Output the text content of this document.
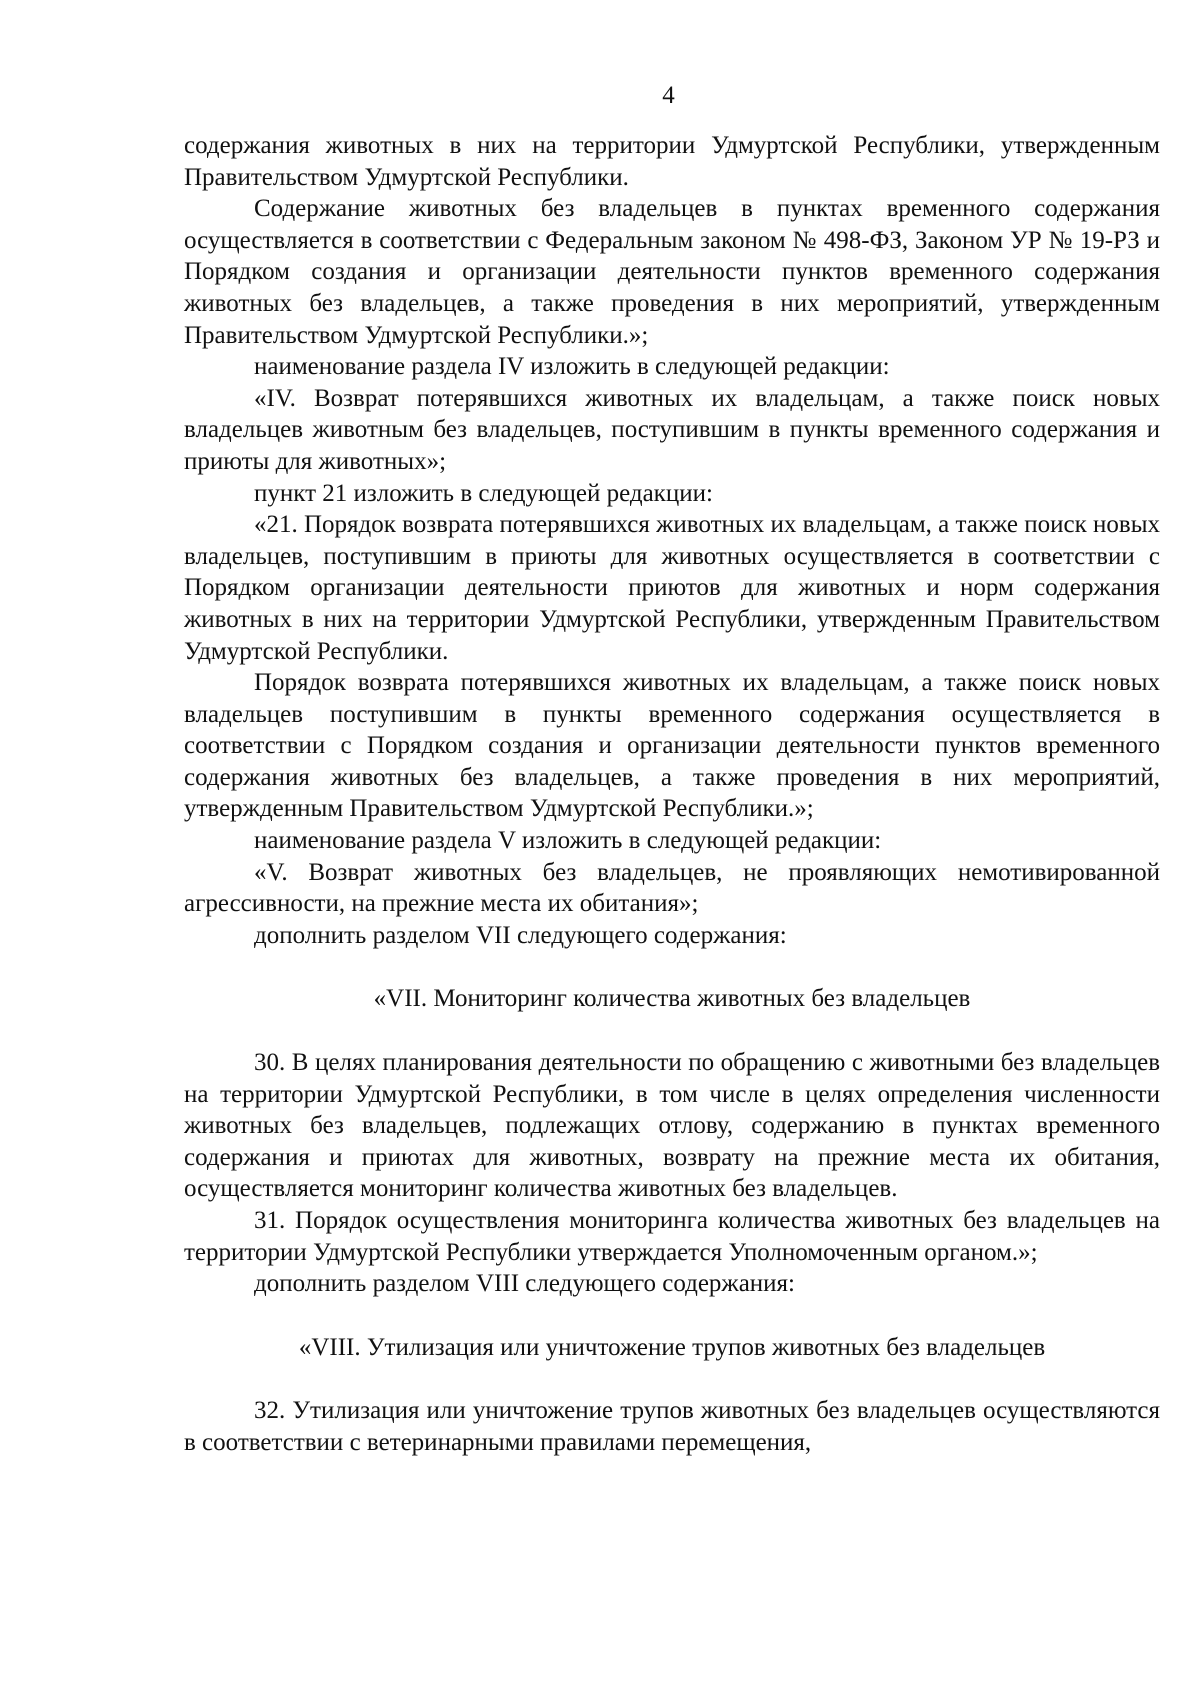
4

содержания животных в них на территории Удмуртской Республики, утвержденным Правительством Удмуртской Республики.

Содержание животных без владельцев в пунктах временного содержания осуществляется в соответствии с Федеральным законом № 498-ФЗ, Законом УР № 19-РЗ и Порядком создания и организации деятельности пунктов временного содержания животных без владельцев, а также проведения в них мероприятий, утвержденным Правительством Удмуртской Республики.»;

наименование раздела IV изложить в следующей редакции:

«IV. Возврат потерявшихся животных их владельцам, а также поиск новых владельцев животным без владельцев, поступившим в пункты временного содержания и приюты для животных»;

пункт 21 изложить в следующей редакции:

«21. Порядок возврата потерявшихся животных их владельцам, а также поиск новых владельцев, поступившим в приюты для животных осуществляется в соответствии с Порядком организации деятельности приютов для животных и норм содержания животных в них на территории Удмуртской Республики, утвержденным Правительством Удмуртской Республики.

Порядок возврата потерявшихся животных их владельцам, а также поиск новых владельцев поступившим в пункты временного содержания осуществляется в соответствии с Порядком создания и организации деятельности пунктов временного содержания животных без владельцев, а также проведения в них мероприятий, утвержденным Правительством Удмуртской Республики.»;

наименование раздела V изложить в следующей редакции:

«V. Возврат животных без владельцев, не проявляющих немотивированной агрессивности, на прежние места их обитания»;

дополнить разделом VII следующего содержания:

«VII. Мониторинг количества животных без владельцев

30. В целях планирования деятельности по обращению с животными без владельцев на территории Удмуртской Республики, в том числе в целях определения численности животных без владельцев, подлежащих отлову, содержанию в пунктах временного содержания и приютах для животных, возврату на прежние места их обитания, осуществляется мониторинг количества животных без владельцев.

31. Порядок осуществления мониторинга количества животных без владельцев на территории Удмуртской Республики утверждается Уполномоченным органом.»;

дополнить разделом VIII следующего содержания:

«VIII. Утилизация или уничтожение трупов животных без владельцев

32. Утилизация или уничтожение трупов животных без владельцев осуществляются в соответствии с ветеринарными правилами перемещения,
